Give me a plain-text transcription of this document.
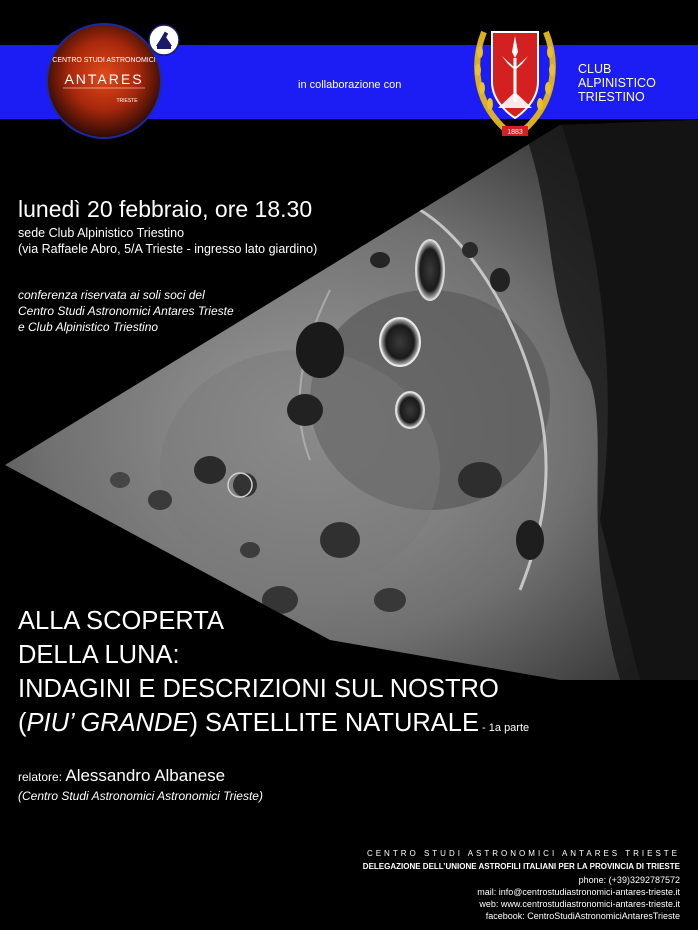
CENTRO STUDI ASTRONOMICI
ANTARES
TRIESTE
in collaborazione con
1883
CLUB
ALPINISTICO
TRIESTINO
lunedì 20 febbraio, ore 18.30
sede Club Alpinistico Triestino
(via Raffaele Abro, 5/A Trieste - ingresso lato giardino)
conferenza riservata ai soli soci del
Centro Studi Astronomici Antares Trieste
e Club Alpinistico Triestino
ALLA SCOPERTA
DELLA LUNA:
INDAGINI E DESCRIZIONI SUL NOSTRO
(PIU’ GRANDE) SATELLITE NATURALE - 1a parte
relatore: Alessandro Albanese
(Centro Studi Astronomici Astronomici Trieste)
CENTRO STUDI ASTRONOMICI ANTARES TRIESTE
DELEGAZIONE DELL’UNIONE ASTROFILI ITALIANI PER LA PROVINCIA DI TRIESTE
phone: (+39)3292787572
mail: info@centrostudiastronomici-antares-trieste.it
web: www.centrostudiastronomici-antares-trieste.it
facebook: CentroStudiAstronomiciAntaresTrieste
